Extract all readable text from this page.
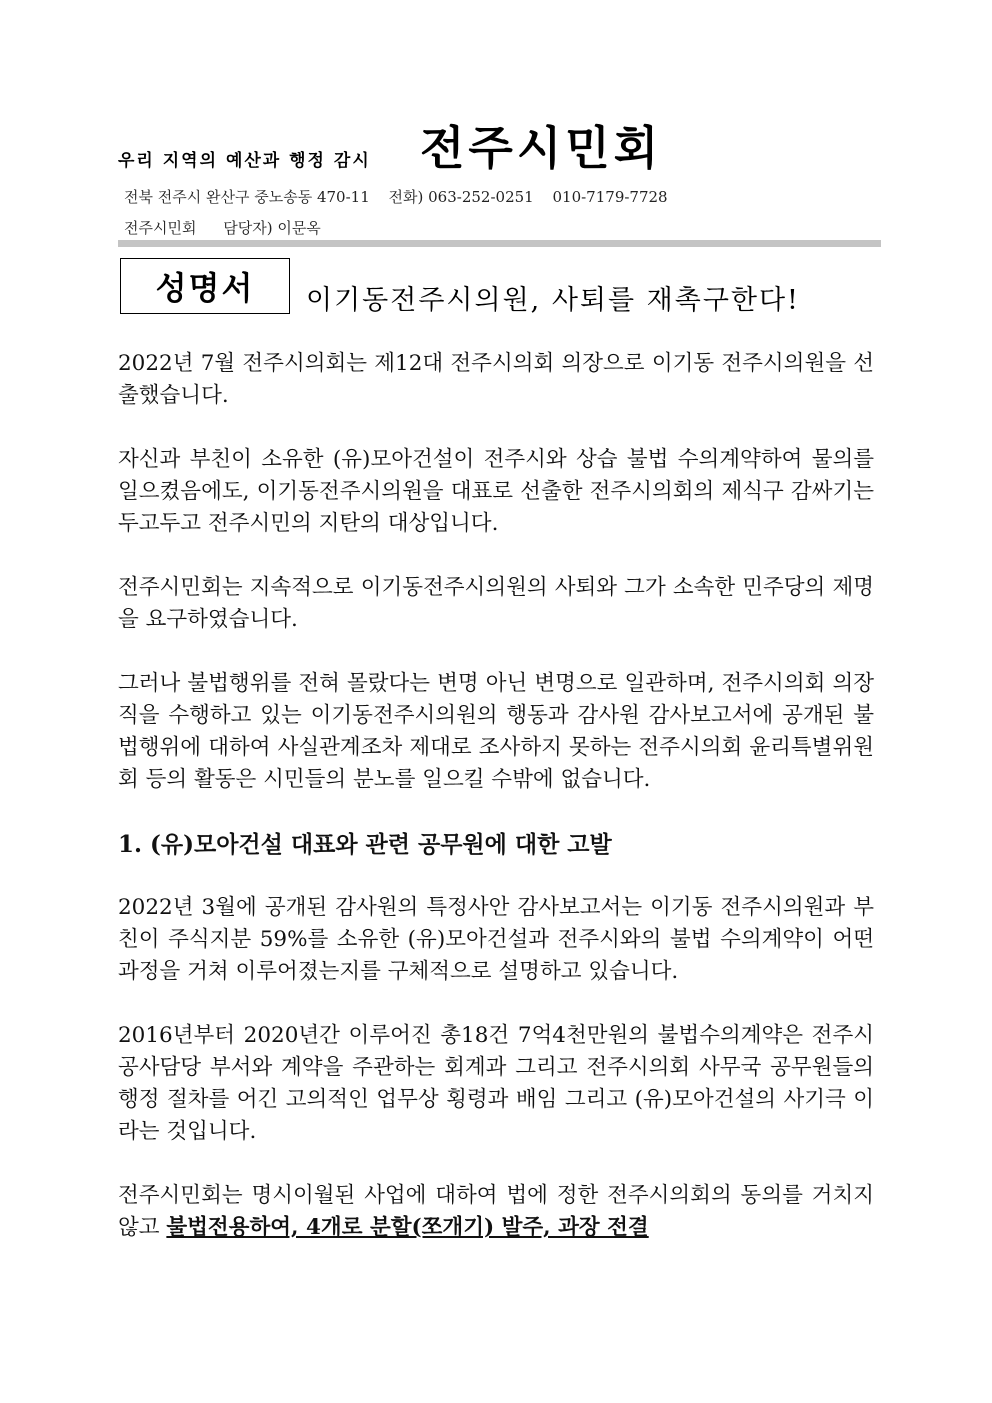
우리 지역의 예산과 행정 감시 전주시민회
전북 전주시 완산구 중노송동 470-11 전화) 063-252-0251 010-7179-7728
전주시민회 담당자) 이문옥
성명서	이기동전주시의원, 사퇴를 재촉구한다!

2022년 7월 전주시의회는 제12대 전주시의회 의장으로 이기동 전주시의원을 선출했습니다.

자신과 부친이 소유한 (유)모아건설이 전주시와 상습 불법 수의계약하여 물의를 일으켰음에도, 이기동전주시의원을 대표로 선출한 전주시의회의 제식구 감싸기는 두고두고 전주시민의 지탄의 대상입니다.

전주시민회는 지속적으로 이기동전주시의원의 사퇴와 그가 소속한 민주당의 제명을 요구하였습니다.

그러나 불법행위를 전혀 몰랐다는 변명 아닌 변명으로 일관하며, 전주시의회 의장직을 수행하고 있는 이기동전주시의원의 행동과 감사원 감사보고서에 공개된 불법행위에 대하여 사실관계조차 제대로 조사하지 못하는 전주시의회 윤리특별위원회 등의 활동은 시민들의 분노를 일으킬 수밖에 없습니다.

1. (유)모아건설 대표와 관련 공무원에 대한 고발

2022년 3월에 공개된 감사원의 특정사안 감사보고서는 이기동 전주시의원과 부친이 주식지분 59%를 소유한 (유)모아건설과 전주시와의 불법 수의계약이 어떤 과정을 거쳐 이루어졌는지를 구체적으로 설명하고 있습니다.

2016년부터 2020년간 이루어진 총18건 7억4천만원의 불법수의계약은 전주시 공사담당 부서와 계약을 주관하는 회계과 그리고 전주시의회 사무국 공무원들의 행정 절차를 어긴 고의적인 업무상 횡령과 배임 그리고 (유)모아건설의 사기극 이라는 것입니다.

전주시민회는 명시이월된 사업에 대하여 법에 정한 전주시의회의 동의를 거치지 않고 불법전용하여, 4개로 분할(쪼개기) 발주, 과장 전결
